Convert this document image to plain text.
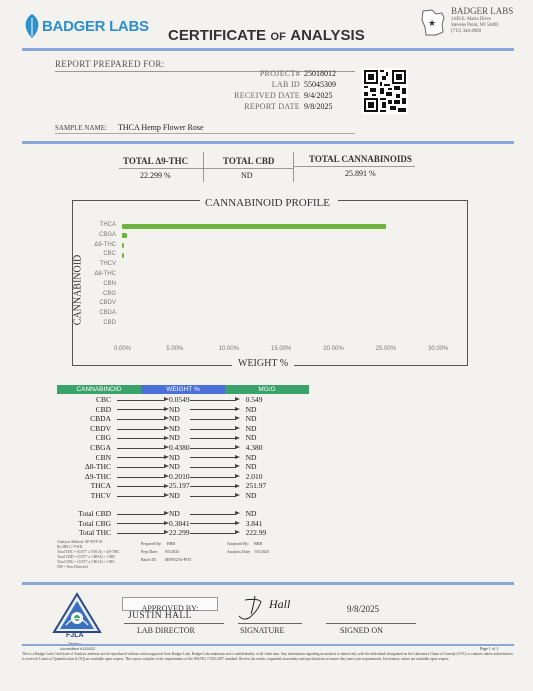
BADGER LABS
CERTIFICATE OF ANALYSIS
★
BADGER LABS
1436 E. Maria Drive
Stevens Point, WI 54481
(715) 344-4900
REPORT PREPARED FOR:
PROJECT# 25018012
LAB ID 55045309
RECEIVED DATE 9/4/2025
REPORT DATE 9/8/2025
SAMPLE NAME: THCA Hemp Flower Rose
TOTAL Δ9-THC
22.299 %
TOTAL CBD
ND
TOTAL CANNABINOIDS
25.891 %
CANNABINOID PROFILE
CANNABINOID
WEIGHT %
THCA
CBGA
Δ9-THC
CBC
THCV
Δ8-THC
CBN
CBG
CBDV
CBDA
CBD
0.00%	5.00%	10.00%	15.00%	20.00%	25.00%	30.00%
CANNABINOID	WEIGHT %	MG/G
CBC			0.0549			0.549
CBD			ND			ND
CBDA			ND			ND
CBDV			ND			ND
CBG			ND			ND
CBGA			0.4380			4.380
CBN			ND			ND
Δ8-THC			ND			ND
Δ9-THC			0.2010			2.010
THCA			25.197			251.97
THCV			ND			ND
Total CBD			ND			ND
Total CBG			0.3841			3.841
Total THC			22.299			222.99
Analysis Method: SP-POT-03
By HPLC-VWD
Total THC = (0.877 x THCA) + Δ9-THC
Total CBD = (0.877 x CBDA) + CBD
Total CBG = (0.877 x CBGA) + CBG
ND = Non Detected
Prepared By: BRB
Prep Date: 9/5/2025
Batch ID: SEP0525A-POT
Analyzed By: BRB
Analysis Date: 9/5/2025
FJLA
Accredited #115022
APPROVED BY:
JUSTIN HALL
LAB DIRECTOR
Hall
SIGNATURE
9/8/2025
SIGNED ON
Page 1 of 1
This is a Badger Labs Certificate of Analysis and may not be reproduced without written approval from Badger Labs. Badger Labs maintains strict confidentiality of all client data. Any information regarding an analysis is shared only with the individuals designated on the Laboratory Chain of Custody (COC) or contacts unless authorization is received. Limits of Quantification (LOQ) are available upon request. This report complies to the requirements of the ISO/IEC 17025:2017 standard. Review the results, expanded uncertainty and specifications to ensure they meet your requirements. Uncertainty values are available upon request.
